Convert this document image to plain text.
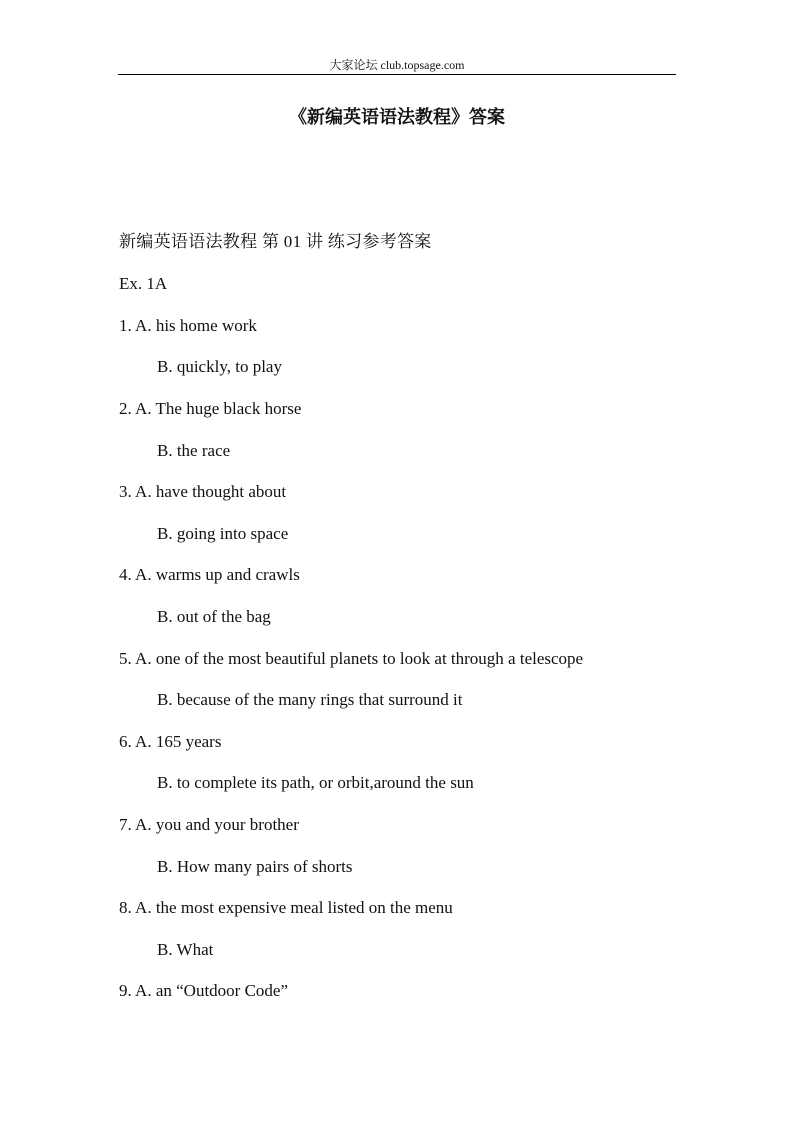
大家论坛 club.topsage.com
《新编英语语法教程》答案
新编英语语法教程 第 01 讲 练习参考答案
Ex. 1A
1. A. his home work
B. quickly, to play
2. A. The huge black horse
B. the race
3. A. have thought about
B. going into space
4. A. warms up and crawls
B. out of the bag
5. A. one of the most beautiful planets to look at through a telescope
B. because of the many rings that surround it
6. A. 165 years
B. to complete its path, or orbit,around the sun
7. A. you and your brother
B. How many pairs of shorts
8. A. the most expensive meal listed on the menu
B. What
9. A. an “Outdoor Code”
